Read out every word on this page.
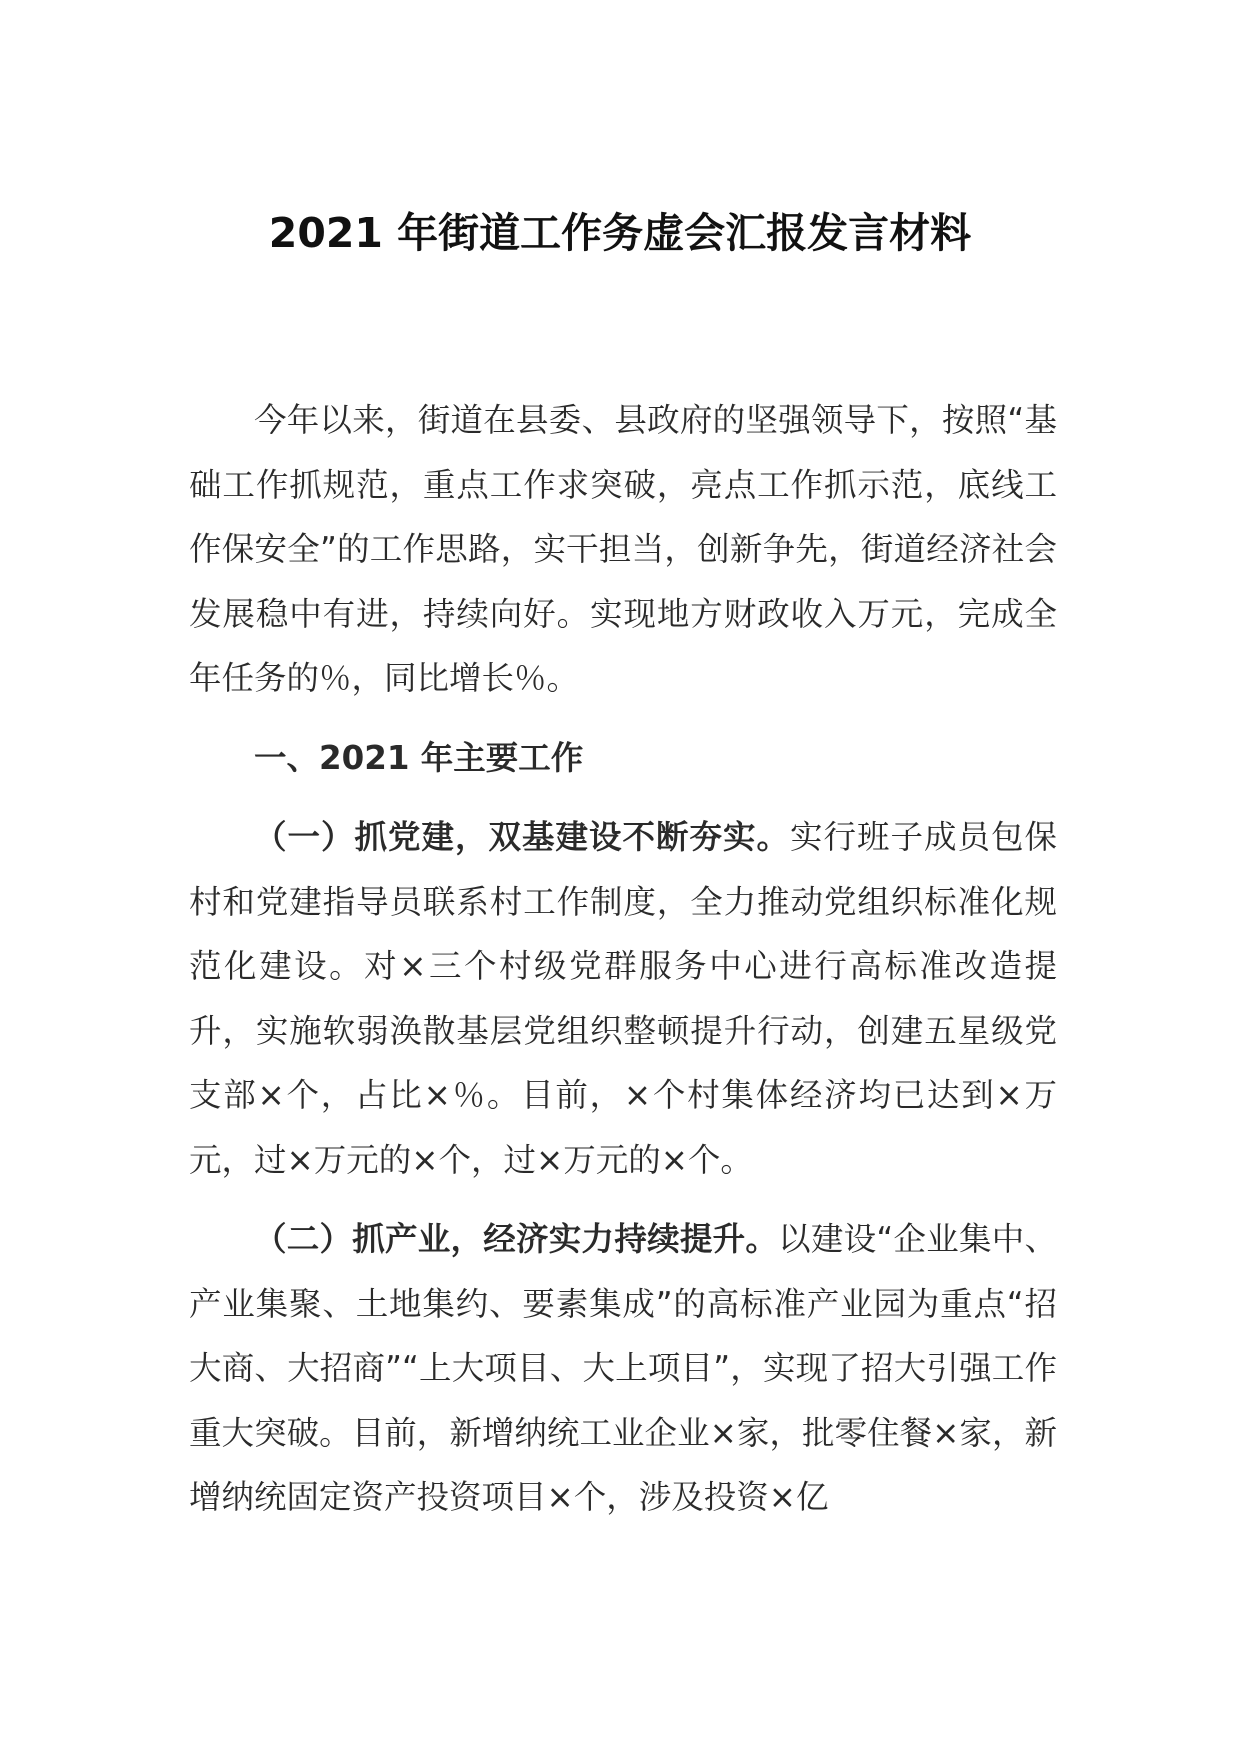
2021 年街道工作务虚会汇报发言材料

今年以来，街道在县委、县政府的坚强领导下，按照“基础工作抓规范，重点工作求突破，亮点工作抓示范，底线工作保安全”的工作思路，实干担当，创新争先，街道经济社会发展稳中有进，持续向好。实现地方财政收入万元，完成全年任务的％，同比增长％。

一、2021 年主要工作

（一）抓党建，双基建设不断夯实。实行班子成员包保村和党建指导员联系村工作制度，全力推动党组织标准化规范化建设。对×三个村级党群服务中心进行高标准改造提升，实施软弱涣散基层党组织整顿提升行动，创建五星级党支部×个，占比×％。目前，×个村集体经济均已达到×万元，过×万元的×个，过×万元的×个。

（二）抓产业，经济实力持续提升。以建设“企业集中、产业集聚、土地集约、要素集成”的高标准产业园为重点“招大商、大招商”“上大项目、大上项目”，实现了招大引强工作重大突破。目前，新增纳统工业企业×家，批零住餐×家，新增纳统固定资产投资项目×个，涉及投资×亿
